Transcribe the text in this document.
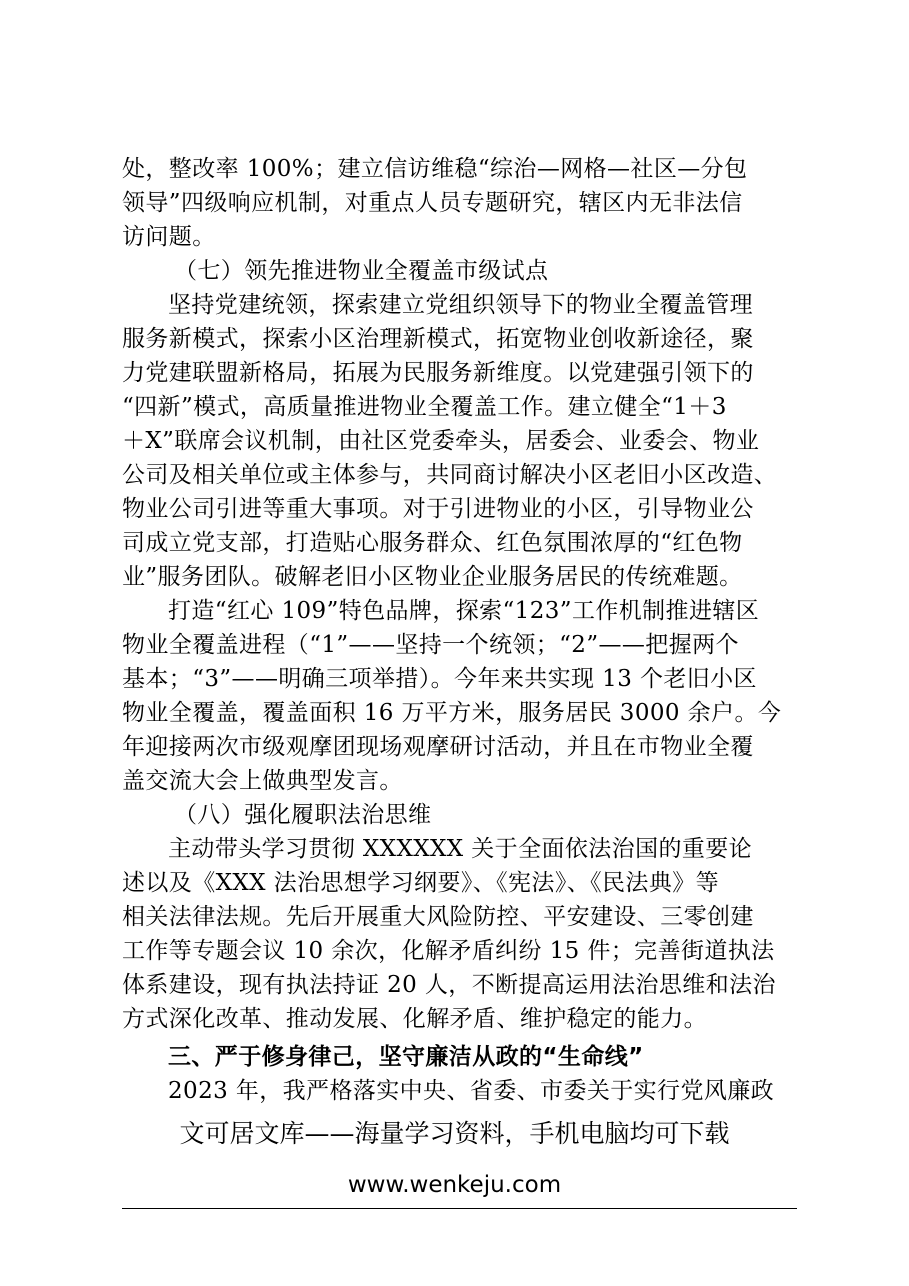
处，整改率 100%；建立信访维稳“综治—网格—社区—分包
领导”四级响应机制，对重点人员专题研究，辖区内无非法信
访问题。
（七）领先推进物业全覆盖市级试点
坚持党建统领，探索建立党组织领导下的物业全覆盖管理
服务新模式，探索小区治理新模式，拓宽物业创收新途径，聚
力党建联盟新格局，拓展为民服务新维度。以党建强引领下的
“四新”模式，高质量推进物业全覆盖工作。建立健全“1＋3
＋X”联席会议机制，由社区党委牵头，居委会、业委会、物业
公司及相关单位或主体参与，共同商讨解决小区老旧小区改造、
物业公司引进等重大事项。对于引进物业的小区，引导物业公
司成立党支部，打造贴心服务群众、红色氛围浓厚的“红色物
业”服务团队。破解老旧小区物业企业服务居民的传统难题。
打造“红心 109”特色品牌，探索“123”工作机制推进辖区
物业全覆盖进程（“1”——坚持一个统领；“2”——把握两个
基本；“3”——明确三项举措）。今年来共实现 13 个老旧小区
物业全覆盖，覆盖面积 16 万平方米，服务居民 3000 余户。今
年迎接两次市级观摩团现场观摩研讨活动，并且在市物业全覆
盖交流大会上做典型发言。
（八）强化履职法治思维
主动带头学习贯彻 XXXXXX 关于全面依法治国的重要论
述以及《XXX 法治思想学习纲要》、《宪法》、《民法典》等
相关法律法规。先后开展重大风险防控、平安建设、三零创建
工作等专题会议 10 余次，化解矛盾纠纷 15 件；完善街道执法
体系建设，现有执法持证 20 人，不断提高运用法治思维和法治
方式深化改革、推动发展、化解矛盾、维护稳定的能力。
三、严于修身律己，坚守廉洁从政的“生命线”
2023 年，我严格落实中央、省委、市委关于实行党风廉政
文可居文库——海量学习资料，手机电脑均可下载
www.wenkeju.com
